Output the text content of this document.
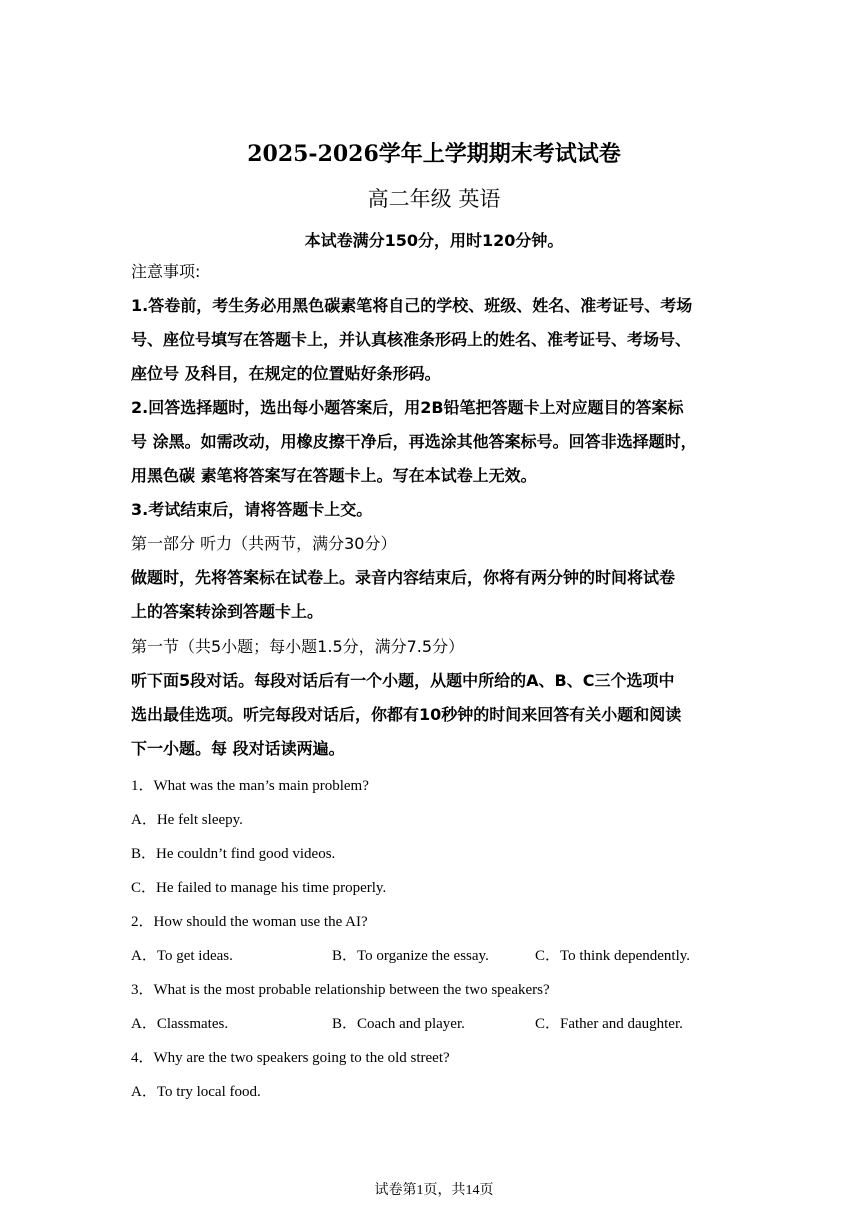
2025-2026学年上学期期末考试试卷
高二年级 英语
本试卷满分150分，用时120分钟。
注意事项:
1.答卷前，考生务必用黑色碳素笔将自己的学校、班级、姓名、准考证号、考场
号、座位号填写在答题卡上，并认真核准条形码上的姓名、准考证号、考场号、
座位号 及科目，在规定的位置贴好条形码。
2.回答选择题时，选出每小题答案后，用2B铅笔把答题卡上对应题目的答案标
号 涂黑。如需改动，用橡皮擦干净后，再选涂其他答案标号。回答非选择题时，
用黑色碳 素笔将答案写在答题卡上。写在本试卷上无效。
3.考试结束后，请将答题卡上交。
第一部分 听力（共两节，满分30分）
做题时，先将答案标在试卷上。录音内容结束后，你将有两分钟的时间将试卷
上的答案转涂到答题卡上。
第一节（共5小题；每小题1.5分，满分7.5分）
听下面5段对话。每段对话后有一个小题，从题中所给的A、B、C三个选项中
选出最佳选项。听完每段对话后，你都有10秒钟的时间来回答有关小题和阅读
下一小题。每 段对话读两遍。
1．What was the man’s main problem?
A．He felt sleepy.
B．He couldn’t find good videos.
C．He failed to manage his time properly.
2．How should the woman use the AI?
A．To get ideas.	B．To organize the essay.	C．To think dependently.
3．What is the most probable relationship between the two speakers?
A．Classmates.	B．Coach and player.	C．Father and daughter.
4．Why are the two speakers going to the old street?
A．To try local food.
试卷第1页，共14页
